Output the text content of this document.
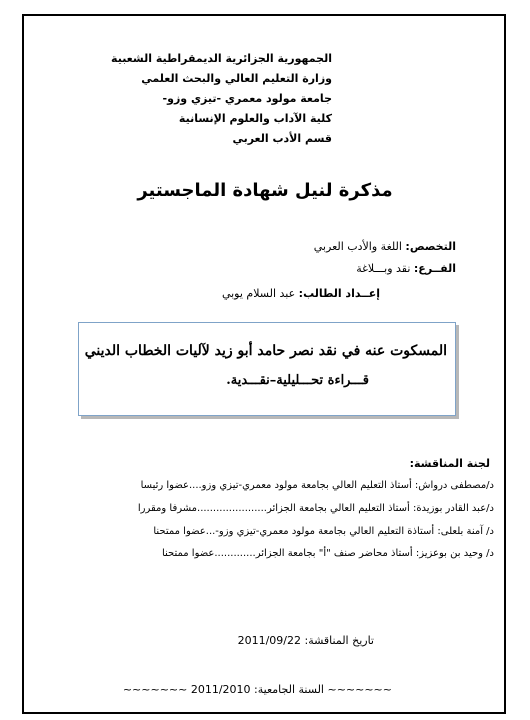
الجمهورية الجزائرية الديمقراطية الشعبية
وزارة التعليم العالي والبحث العلمي
جامعة مولود معمري -تيزي وزو-
كلية الآداب والعلوم الإنسانية
قسم الأدب العربي
مذكرة لنيل شهادة الماجستير
التخصص: اللغة والأدب العربي
الفــرع: نقد وبـــلاغة
إعــداد الطالب: عبد السلام يوبي
المسكوت عنه في نقد نصر حامد أبو زيد لآليات الخطاب الديني
قـــراءة تحـــليلية–نقـــدية.
لجنة المناقشة:
د/مصطفى درواش: أستاذ التعليم العالي بجامعة مولود معمري-تيزي وزو....عضوا رئيسا
د/عبد القادر بوزيدة: أستاذ التعليم العالي بجامعة الجزائر......................مشرفا ومقررا
د/ آمنة بلعلى: أستاذة التعليم العالي بجامعة مولود معمري-تيزي وزو-...عضوا ممتحنا
د/ وحيد بن بوعزيز: أستاذ محاضر صنف "أ" بجامعة الجزائر.............عضوا ممتحنا
تاريخ المناقشة: 2011/09/22
~~~~~~~ السنة الجامعية: 2011/2010 ~~~~~~~
